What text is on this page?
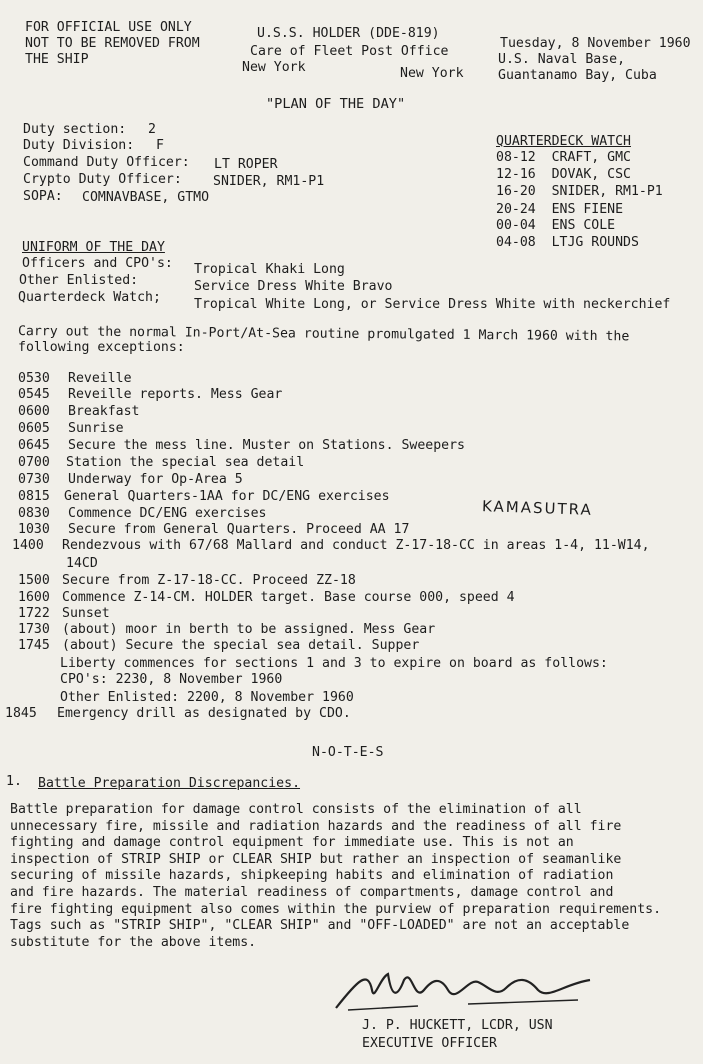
FOR OFFICIAL USE ONLY
NOT TO BE REMOVED FROM
THE SHIP
U.S.S. HOLDER (DDE-819)
Care of Fleet Post Office
New York	New York
Tuesday, 8 November 1960
U.S. Naval Base,
Guantanamo Bay, Cuba
"PLAN OF THE DAY"
Duty section: 2
Duty Division: F
Command Duty Officer: LT ROPER
Crypto Duty Officer: SNIDER, RM1-P1
SOPA: COMNAVBASE, GTMO
QUARTERDECK WATCH
08-12 CRAFT, GMC
12-16 DOVAK, CSC
16-20 SNIDER, RM1-P1
20-24 ENS FIENE
00-04 ENS COLE
04-08 LTJG ROUNDS
UNIFORM OF THE DAY
Officers and CPO's: Tropical Khaki Long
Other Enlisted:	Service Dress White Bravo
Quarterdeck Watch;	Tropical White Long, or Service Dress White with neckerchief
Carry out the normal In-Port/At-Sea routine promulgated 1 March 1960 with the
following exceptions:
0530 Reveille
0545 Reveille reports. Mess Gear
0600 Breakfast
0605 Sunrise
0645 Secure the mess line. Muster on Stations. Sweepers
0700 Station the special sea detail
0730 Underway for Op-Area 5
0815 General Quarters-1AA for DC/ENG exercises
0830 Commence DC/ENG exercises
1030 Secure from General Quarters. Proceed AA 17
1400 Rendezvous with 67/68 Mallard and conduct Z-17-18-CC in areas 1-4, 11-W14,
14CD
1500 Secure from Z-17-18-CC. Proceed ZZ-18
1600 Commence Z-14-CM. HOLDER target. Base course 000, speed 4
1722 Sunset
1730 (about) moor in berth to be assigned. Mess Gear
1745 (about) Secure the special sea detail. Supper
Liberty commences for sections 1 and 3 to expire on board as follows:
CPO's: 2230, 8 November 1960
Other Enlisted: 2200, 8 November 1960
1845 Emergency drill as designated by CDO.
KAMASUTRA
N-O-T-E-S
1. Battle Preparation Discrepancies.
Battle preparation for damage control consists of the elimination of all
unnecessary fire, missile and radiation hazards and the readiness of all fire
fighting and damage control equipment for immediate use. This is not an
inspection of STRIP SHIP or CLEAR SHIP but rather an inspection of seamanlike
securing of missile hazards, shipkeeping habits and elimination of radiation
and fire hazards. The material readiness of compartments, damage control and
fire fighting equipment also comes within the purview of preparation requirements.
Tags such as "STRIP SHIP", "CLEAR SHIP" and "OFF-LOADED" are not an acceptable
substitute for the above items.
J. P. HUCKETT, LCDR, USN
EXECUTIVE OFFICER
